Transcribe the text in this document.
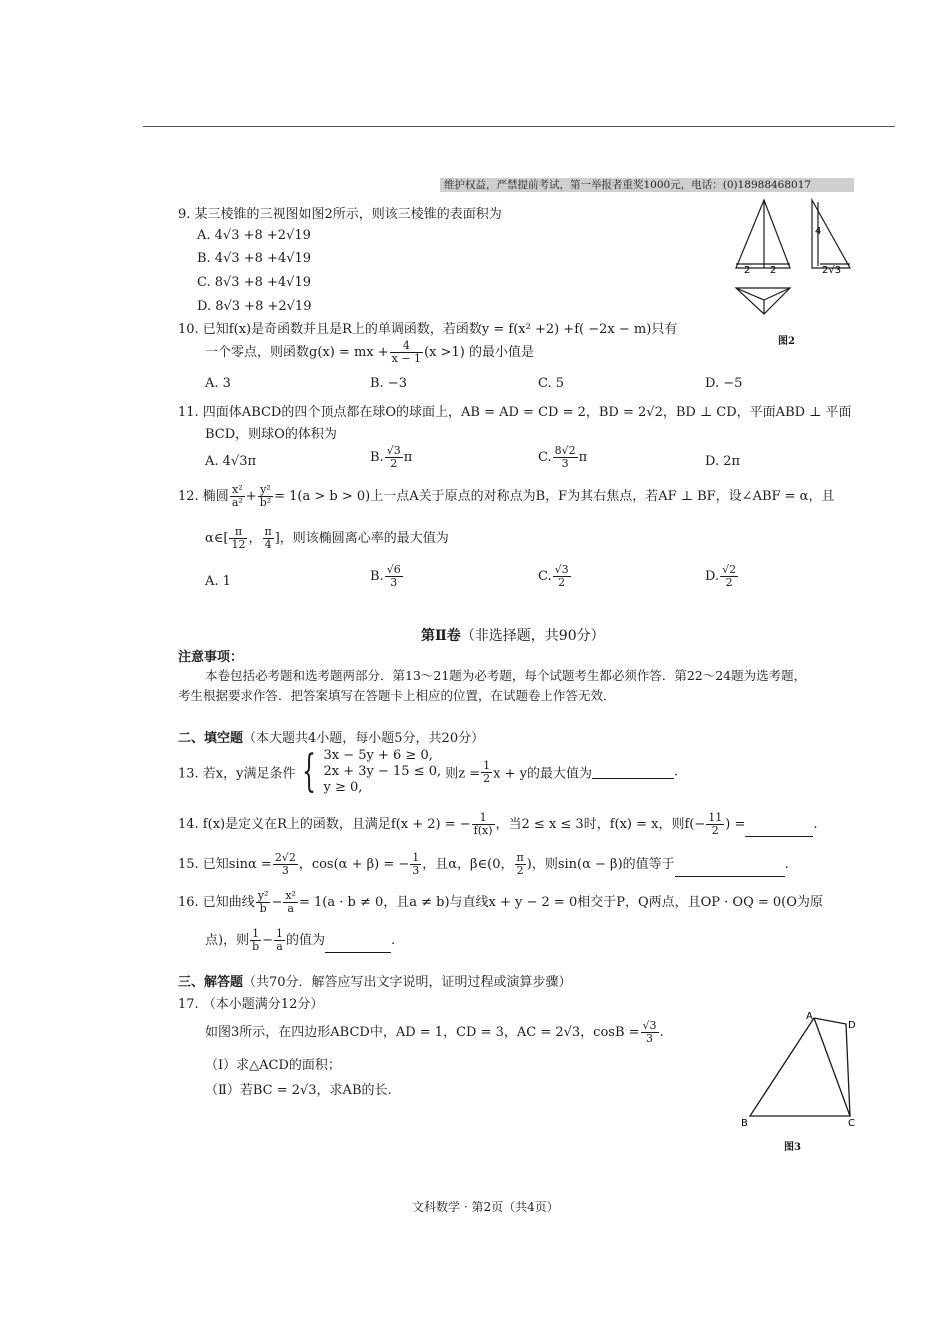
维护权益，严禁提前考试，第一举报者重奖1000元，电话：(0)18988468017
9. 某三棱锥的三视图如图2所示，则该三棱锥的表面积为
A. 4√3 +8 +2√19
B. 4√3 +8 +4√19
C. 8√3 +8 +4√19
D. 8√3 +8 +2√19
4
2 2	2√3
图2
10. 已知f(x)是奇函数并且是R上的单调函数，若函数y = f(x² +2) +f( −2x − m)只有
一个零点，则函数g(x) = mx + $\frac{4}{x - 1} (x >1)$ 的最小值是
A. 3	B. −3	C. 5	D. −5
11. 四面体ABCD的四个顶点都在球O的球面上，AB = AD = CD = 2，BD = 2√2，BD ⊥ CD，平面ABD ⊥ 平面
BCD，则球O的体积为
A. 4√3π	B. $\frac{√3}{2}$ π	C. $\frac{8√2}{3}$ π	D. 2π
12. 椭圆 $\frac{\text{x²}}{\text{a²}} + \frac{\text{y²}}{\text{b²}} = 1(a > b > 0)$上一点A关于原点的对称点为B，F为其右焦点，若AF ⊥ BF，设∠ABF = α，且
α∈[ $\frac{\pi}{12}$ ， $\frac{\pi}{4}$ ]，则该椭圆离心率的最大值为
A. 1	B. $\frac{√6}{3}$	C. $\frac{√3}{2}$	D. $\frac{√2}{2}$
第Ⅱ卷（非选择题，共90分）
注意事项：
本卷包括必考题和选考题两部分．第13～21题为必考题，每个试题考生都必须作答．第22～24题为选考题，
考生根据要求作答．把答案填写在答题卡上相应的位置，在试题卷上作答无效．
二、填空题（本大题共4小题，每小题5分，共20分）
13. 若x，y满足条件 { 3x − 5y + 6 ≥ 0,
2x + 3y − 15 ≤ 0,
y ≥ 0,
则$z = \frac{1}{2}$ x + y的最大值为	.
14. f(x)是定义在R上的函数，且满足f(x + 2) = − $\frac{1}{f(x)}$ ，当2 ≤ x ≤ 3时，f(x) = x，则$f(- \frac{11}{2}$ ) =	.
15. 已知$\sin\alpha = \frac{2√2}{3}$ ，cos(α + β) = − $\frac{1}{3}$ ，且α，β∈(0， $\frac{\pi}{2}$ )，则sin(α − β)的值等于	.
16. 已知曲线 $\frac{\text{y²}}{b} - \frac{\text{x²}}{a} = 1(a \cdot b \ne 0$，且a ≠ b)与直线x + y − 2 = 0相交于P，Q两点，且OP · OQ = 0(O为原
点)，则 $\frac{1}{b} - \frac{1}{a}$ 的值为	.
三、解答题（共70分．解答应写出文字说明，证明过程或演算步骤）
17. （本小题满分12分）
如图3所示，在四边形ABCD中，AD = 1，CD = 3，AC = 2√3，$\cos B = \frac{√3}{3}$ .
（Ⅰ）求△ACD的面积；
（Ⅱ）若BC = 2√3，求AB的长.
A
B	C
D
图3
文科数学 · 第2页（共4页）
